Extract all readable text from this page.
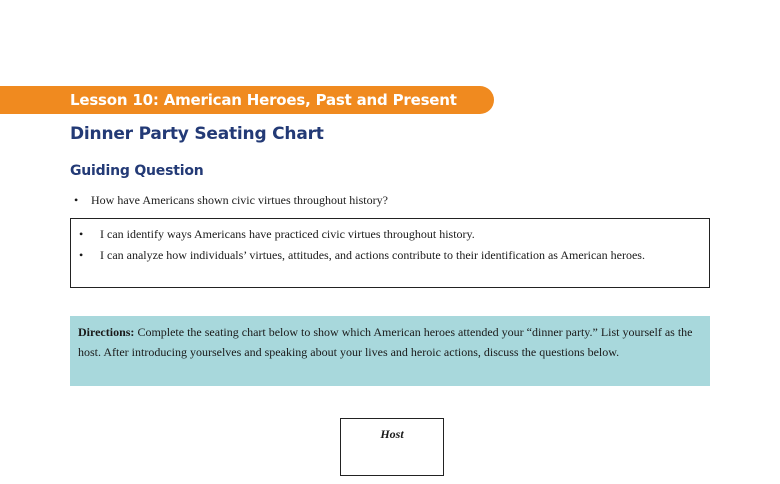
Lesson 10: American Heroes, Past and Present
Dinner Party Seating Chart
Guiding Question
• How have Americans shown civic virtues throughout history?
• I can identify ways Americans have practiced civic virtues throughout history.
• I can analyze how individuals’ virtues, attitudes, and actions contribute to their identification as American heroes.
Directions: Complete the seating chart below to show which American heroes attended your “dinner party.” List yourself as the host. After introducing yourselves and speaking about your lives and heroic actions, discuss the questions below.
Host
